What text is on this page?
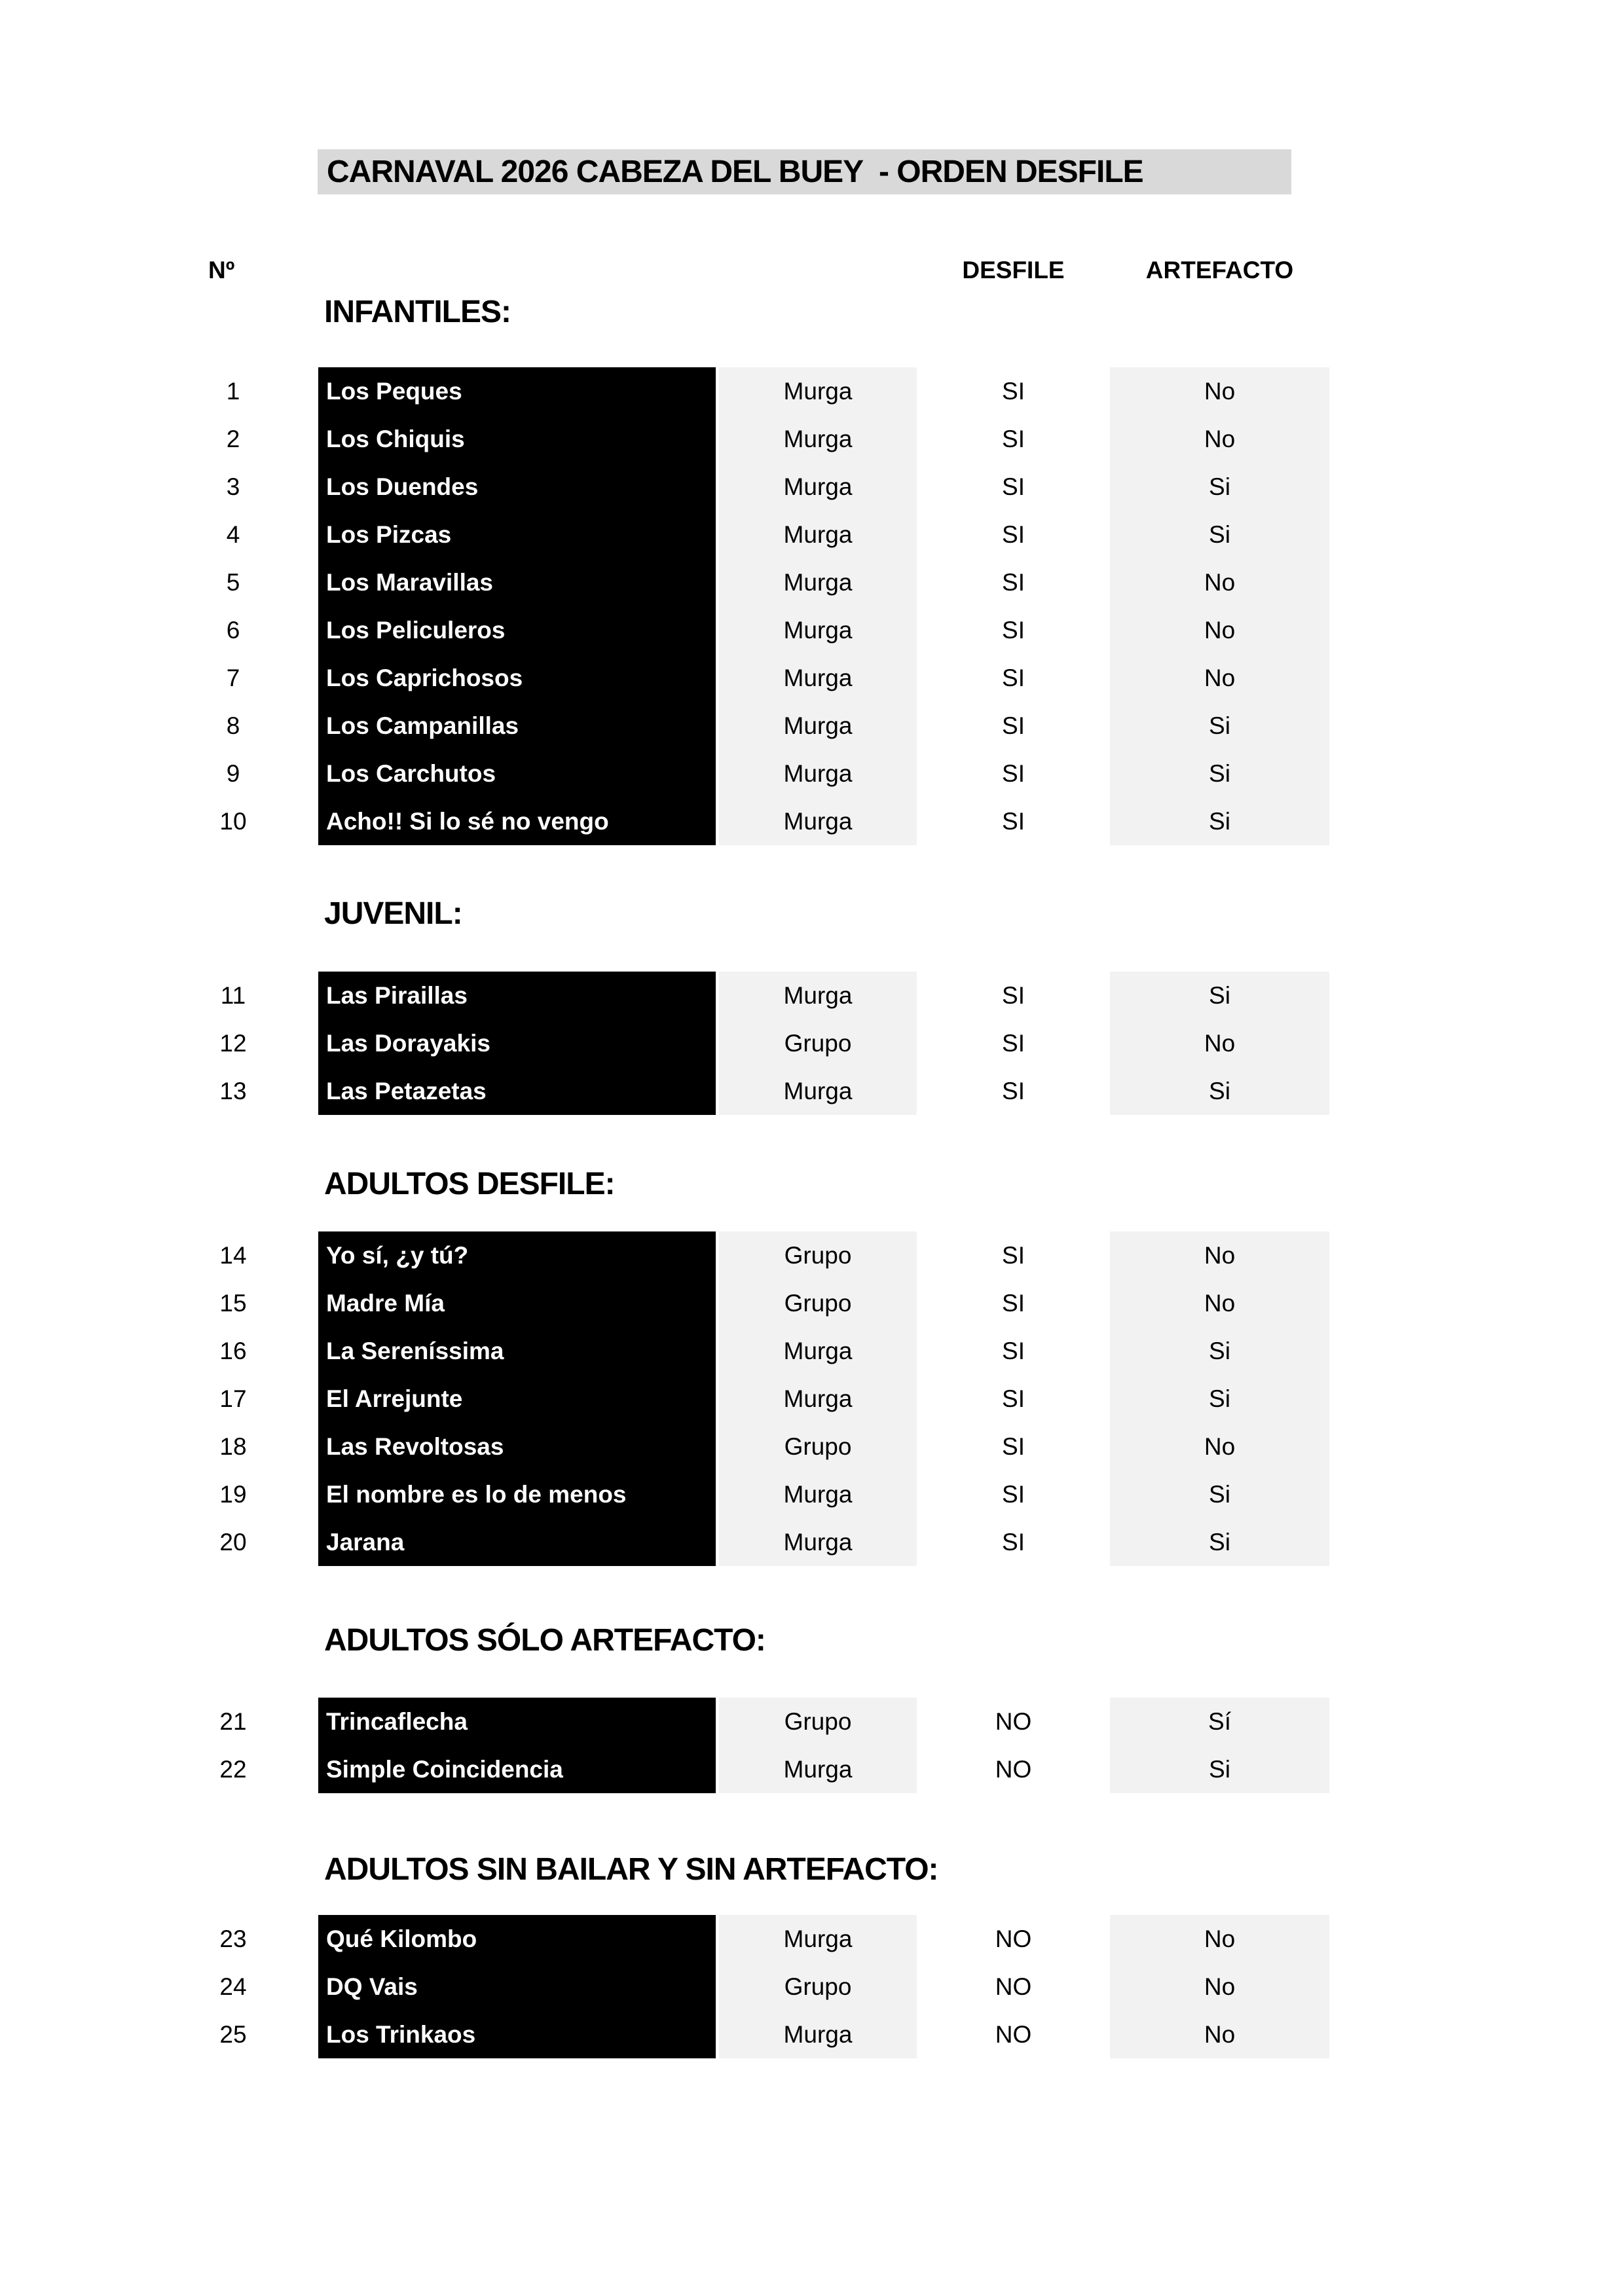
CARNAVAL 2026 CABEZA DEL BUEY  - ORDEN DESFILE
Nº	DESFILE	ARTEFACTO
INFANTILES:
JUVENIL:
ADULTOS DESFILE:
ADULTOS SÓLO ARTEFACTO:
ADULTOS SIN BAILAR Y SIN ARTEFACTO:
1	Los Peques	Murga	SI	No
2	Los Chiquis	Murga	SI	No
3	Los Duendes	Murga	SI	Si
4	Los Pizcas	Murga	SI	Si
5	Los Maravillas	Murga	SI	No
6	Los Peliculeros	Murga	SI	No
7	Los Caprichosos	Murga	SI	No
8	Los Campanillas	Murga	SI	Si
9	Los Carchutos	Murga	SI	Si
10	Acho!! Si lo sé no vengo	Murga	SI	Si
11	Las Piraillas	Murga	SI	Si
12	Las Dorayakis	Grupo	SI	No
13	Las Petazetas	Murga	SI	Si
14	Yo sí, ¿y tú?	Grupo	SI	No
15	Madre Mía	Grupo	SI	No
16	La Sereníssima	Murga	SI	Si
17	El Arrejunte	Murga	SI	Si
18	Las Revoltosas	Grupo	SI	No
19	El nombre es lo de menos	Murga	SI	Si
20	Jarana	Murga	SI	Si
21	Trincaflecha	Grupo	NO	Sí
22	Simple Coincidencia	Murga	NO	Si
23	Qué Kilombo	Murga	NO	No
24	DQ Vais	Grupo	NO	No
25	Los Trinkaos	Murga	NO	No
